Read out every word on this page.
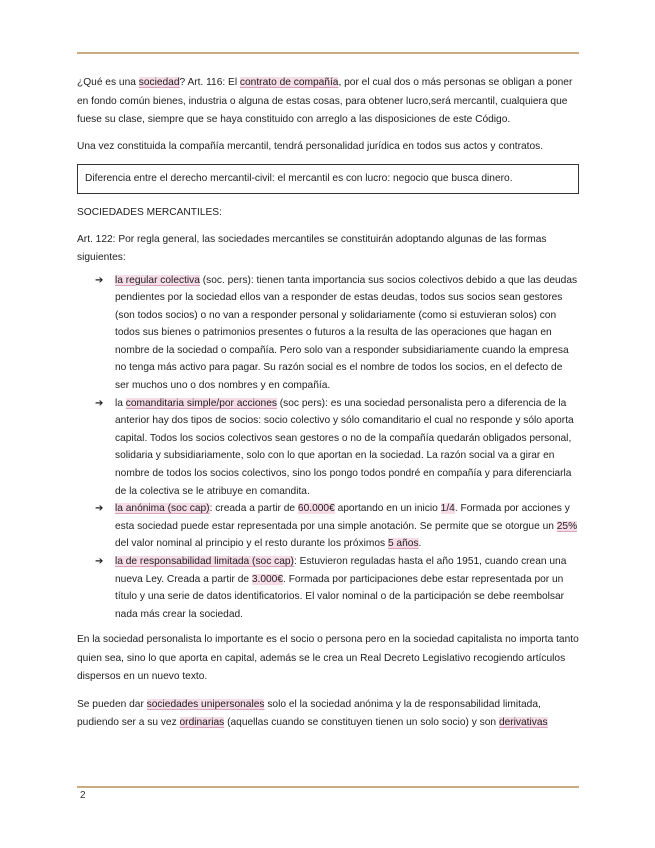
¿Qué es una sociedad? Art. 116: El contrato de compañía, por el cual dos o más personas se obligan a poner en fondo común bienes, industria o alguna de estas cosas, para obtener lucro,será mercantil, cualquiera que fuese su clase, siempre que se haya constituido con arreglo a las disposiciones de este Código.

Una vez constituida la compañía mercantil, tendrá personalidad jurídica en todos sus actos y contratos.

Diferencia entre el derecho mercantil-civil: el mercantil es con lucro: negocio que busca dinero.

SOCIEDADES MERCANTILES:

Art. 122: Por regla general, las sociedades mercantiles se constituirán adoptando algunas de las formas siguientes:

➔ la regular colectiva (soc. pers): tienen tanta importancia sus socios colectivos debido a que las deudas pendientes por la sociedad ellos van a responder de estas deudas, todos sus socios sean gestores (son todos socios) o no van a responder personal y solidariamente (como si estuvieran solos) con todos sus bienes o patrimonios presentes o futuros a la resulta de las operaciones que hagan en nombre de la sociedad o compañía. Pero solo van a responder subsidiariamente cuando la empresa no tenga más activo para pagar. Su razón social es el nombre de todos los socios, en el defecto de ser muchos uno o dos nombres y en compañía.
➔ la comanditaria simple/por acciones (soc pers): es una sociedad personalista pero a diferencia de la anterior hay dos tipos de socios: socio colectivo y sólo comanditario el cual no responde y sólo aporta capital. Todos los socios colectivos sean gestores o no de la compañía quedarán obligados personal, solidaria y subsidiariamente, solo con lo que aportan en la sociedad. La razón social va a girar en nombre de todos los socios colectivos, sino los pongo todos pondré en compañía y para diferenciarla de la colectiva se le atribuye en comandita.
➔ la anónima (soc cap): creada a partir de 60.000€ aportando en un inicio 1/4. Formada por acciones y esta sociedad puede estar representada por una simple anotación. Se permite que se otorgue un 25% del valor nominal al principio y el resto durante los próximos 5 años.
➔ la de responsabilidad limitada (soc cap): Estuvieron reguladas hasta el año 1951, cuando crean una nueva Ley. Creada a partir de 3.000€. Formada por participaciones debe estar representada por un título y una serie de datos identificatorios. El valor nominal o de la participación se debe reembolsar nada más crear la sociedad.

En la sociedad personalista lo importante es el socio o persona pero en la sociedad capitalista no importa tanto quien sea, sino lo que aporta en capital, además se le crea un Real Decreto Legislativo recogiendo artículos dispersos en un nuevo texto.

Se pueden dar sociedades unipersonales solo el la sociedad anónima y la de responsabilidad limitada, pudiendo ser a su vez ordinarias (aquellas cuando se constituyen tienen un solo socio) y son derivativas

2
